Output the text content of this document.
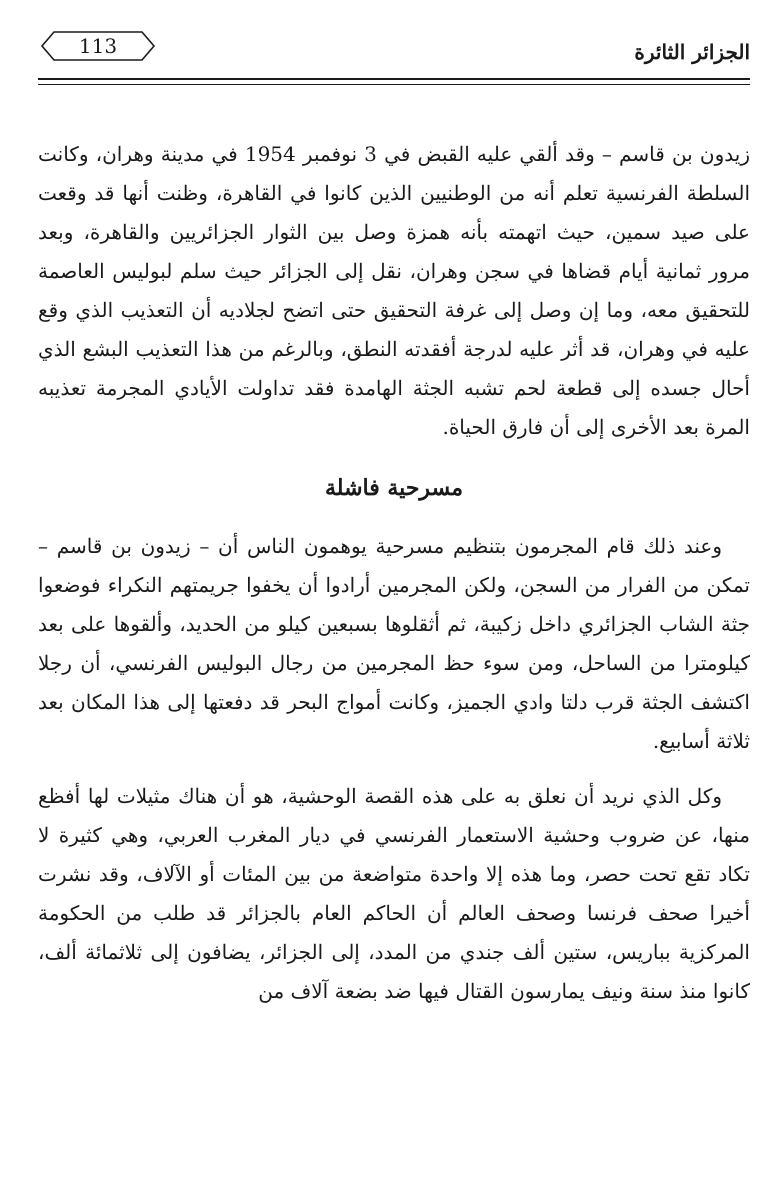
الجزائر الثائرة
113

زيدون بن قاسم – وقد ألقي عليه القبض في 3 نوفمبر 1954 في مدينة وهران، وكانت السلطة الفرنسية تعلم أنه من الوطنيين الذين كانوا في القاهرة، وظنت أنها قد وقعت على صيد سمين، حيث اتهمته بأنه همزة وصل بين الثوار الجزائريين والقاهرة، وبعد مرور ثمانية أيام قضاها في سجن وهران، نقل إلى الجزائر حيث سلم لبوليس العاصمة للتحقيق معه، وما إن وصل إلى غرفة التحقيق حتى اتضح لجلاديه أن التعذيب الذي وقع عليه في وهران، قد أثر عليه لدرجة أفقدته النطق، وبالرغم من هذا التعذيب البشع الذي أحال جسده إلى قطعة لحم تشبه الجثة الهامدة فقد تداولت الأيادي المجرمة تعذيبه المرة بعد الأخرى إلى أن فارق الحياة.

مسرحية فاشلة

وعند ذلك قام المجرمون بتنظيم مسرحية يوهمون الناس أن – زيدون بن قاسم – تمكن من الفرار من السجن، ولكن المجرمين أرادوا أن يخفوا جريمتهم النكراء فوضعوا جثة الشاب الجزائري داخل زكيبة، ثم أثقلوها بسبعين كيلو من الحديد، وألقوها على بعد كيلومترا من الساحل، ومن سوء حظ المجرمين من رجال البوليس الفرنسي، أن رجلا اكتشف الجثة قرب دلتا وادي الجميز، وكانت أمواج البحر قد دفعتها إلى هذا المكان بعد ثلاثة أسابيع.

وكل الذي نريد أن نعلق به على هذه القصة الوحشية، هو أن هناك مثيلات لها أفظع منها، عن ضروب وحشية الاستعمار الفرنسي في ديار المغرب العربي، وهي كثيرة لا تكاد تقع تحت حصر، وما هذه إلا واحدة متواضعة من بين المئات أو الآلاف، وقد نشرت أخيرا صحف فرنسا وصحف العالم أن الحاكم العام بالجزائر قد طلب من الحكومة المركزية بباريس، ستين ألف جندي من المدد، إلى الجزائر، يضافون إلى ثلاثمائة ألف، كانوا منذ سنة ونيف يمارسون القتال فيها ضد بضعة آلاف من
